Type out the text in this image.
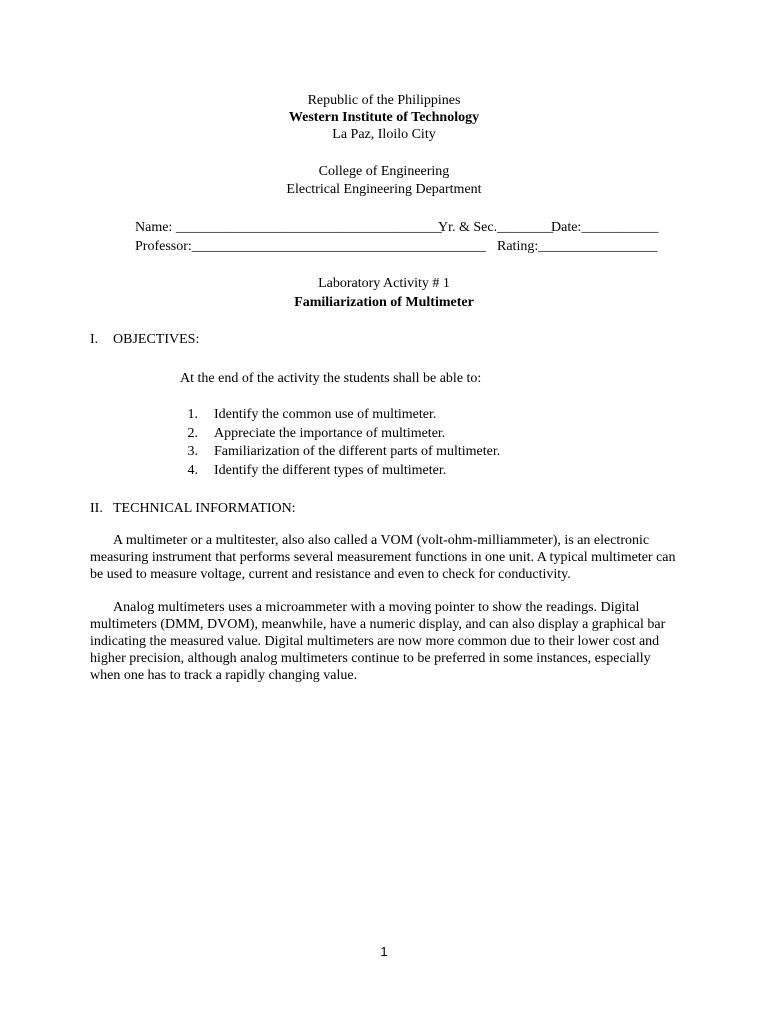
Republic of the Philippines
Western Institute of Technology
La Paz, Iloilo City
College of Engineering
Electrical Engineering Department
Name: ______________________________________
Yr. & Sec.________
Date:___________
Professor:__________________________________________ Rating:_________________
Laboratory Activity # 1
Familiarization of Multimeter
I. OBJECTIVES:
At the end of the activity the students shall be able to:
1. Identify the common use of multimeter.
2. Appreciate the importance of multimeter.
3. Familiarization of the different parts of multimeter.
4. Identify the different types of multimeter.
II. TECHNICAL INFORMATION:

A multimeter or a multitester, also also called a VOM (volt-ohm-milliammeter), is an electronic measuring instrument that performs several measurement functions in one unit. A typical multimeter can be used to measure voltage, current and resistance and even to check for conductivity.

Analog multimeters uses a microammeter with a moving pointer to show the readings. Digital multimeters (DMM, DVOM), meanwhile, have a numeric display, and can also display a graphical bar indicating the measured value. Digital multimeters are now more common due to their lower cost and higher precision, although analog multimeters continue to be preferred in some instances, especially when one has to track a rapidly changing value.

1
